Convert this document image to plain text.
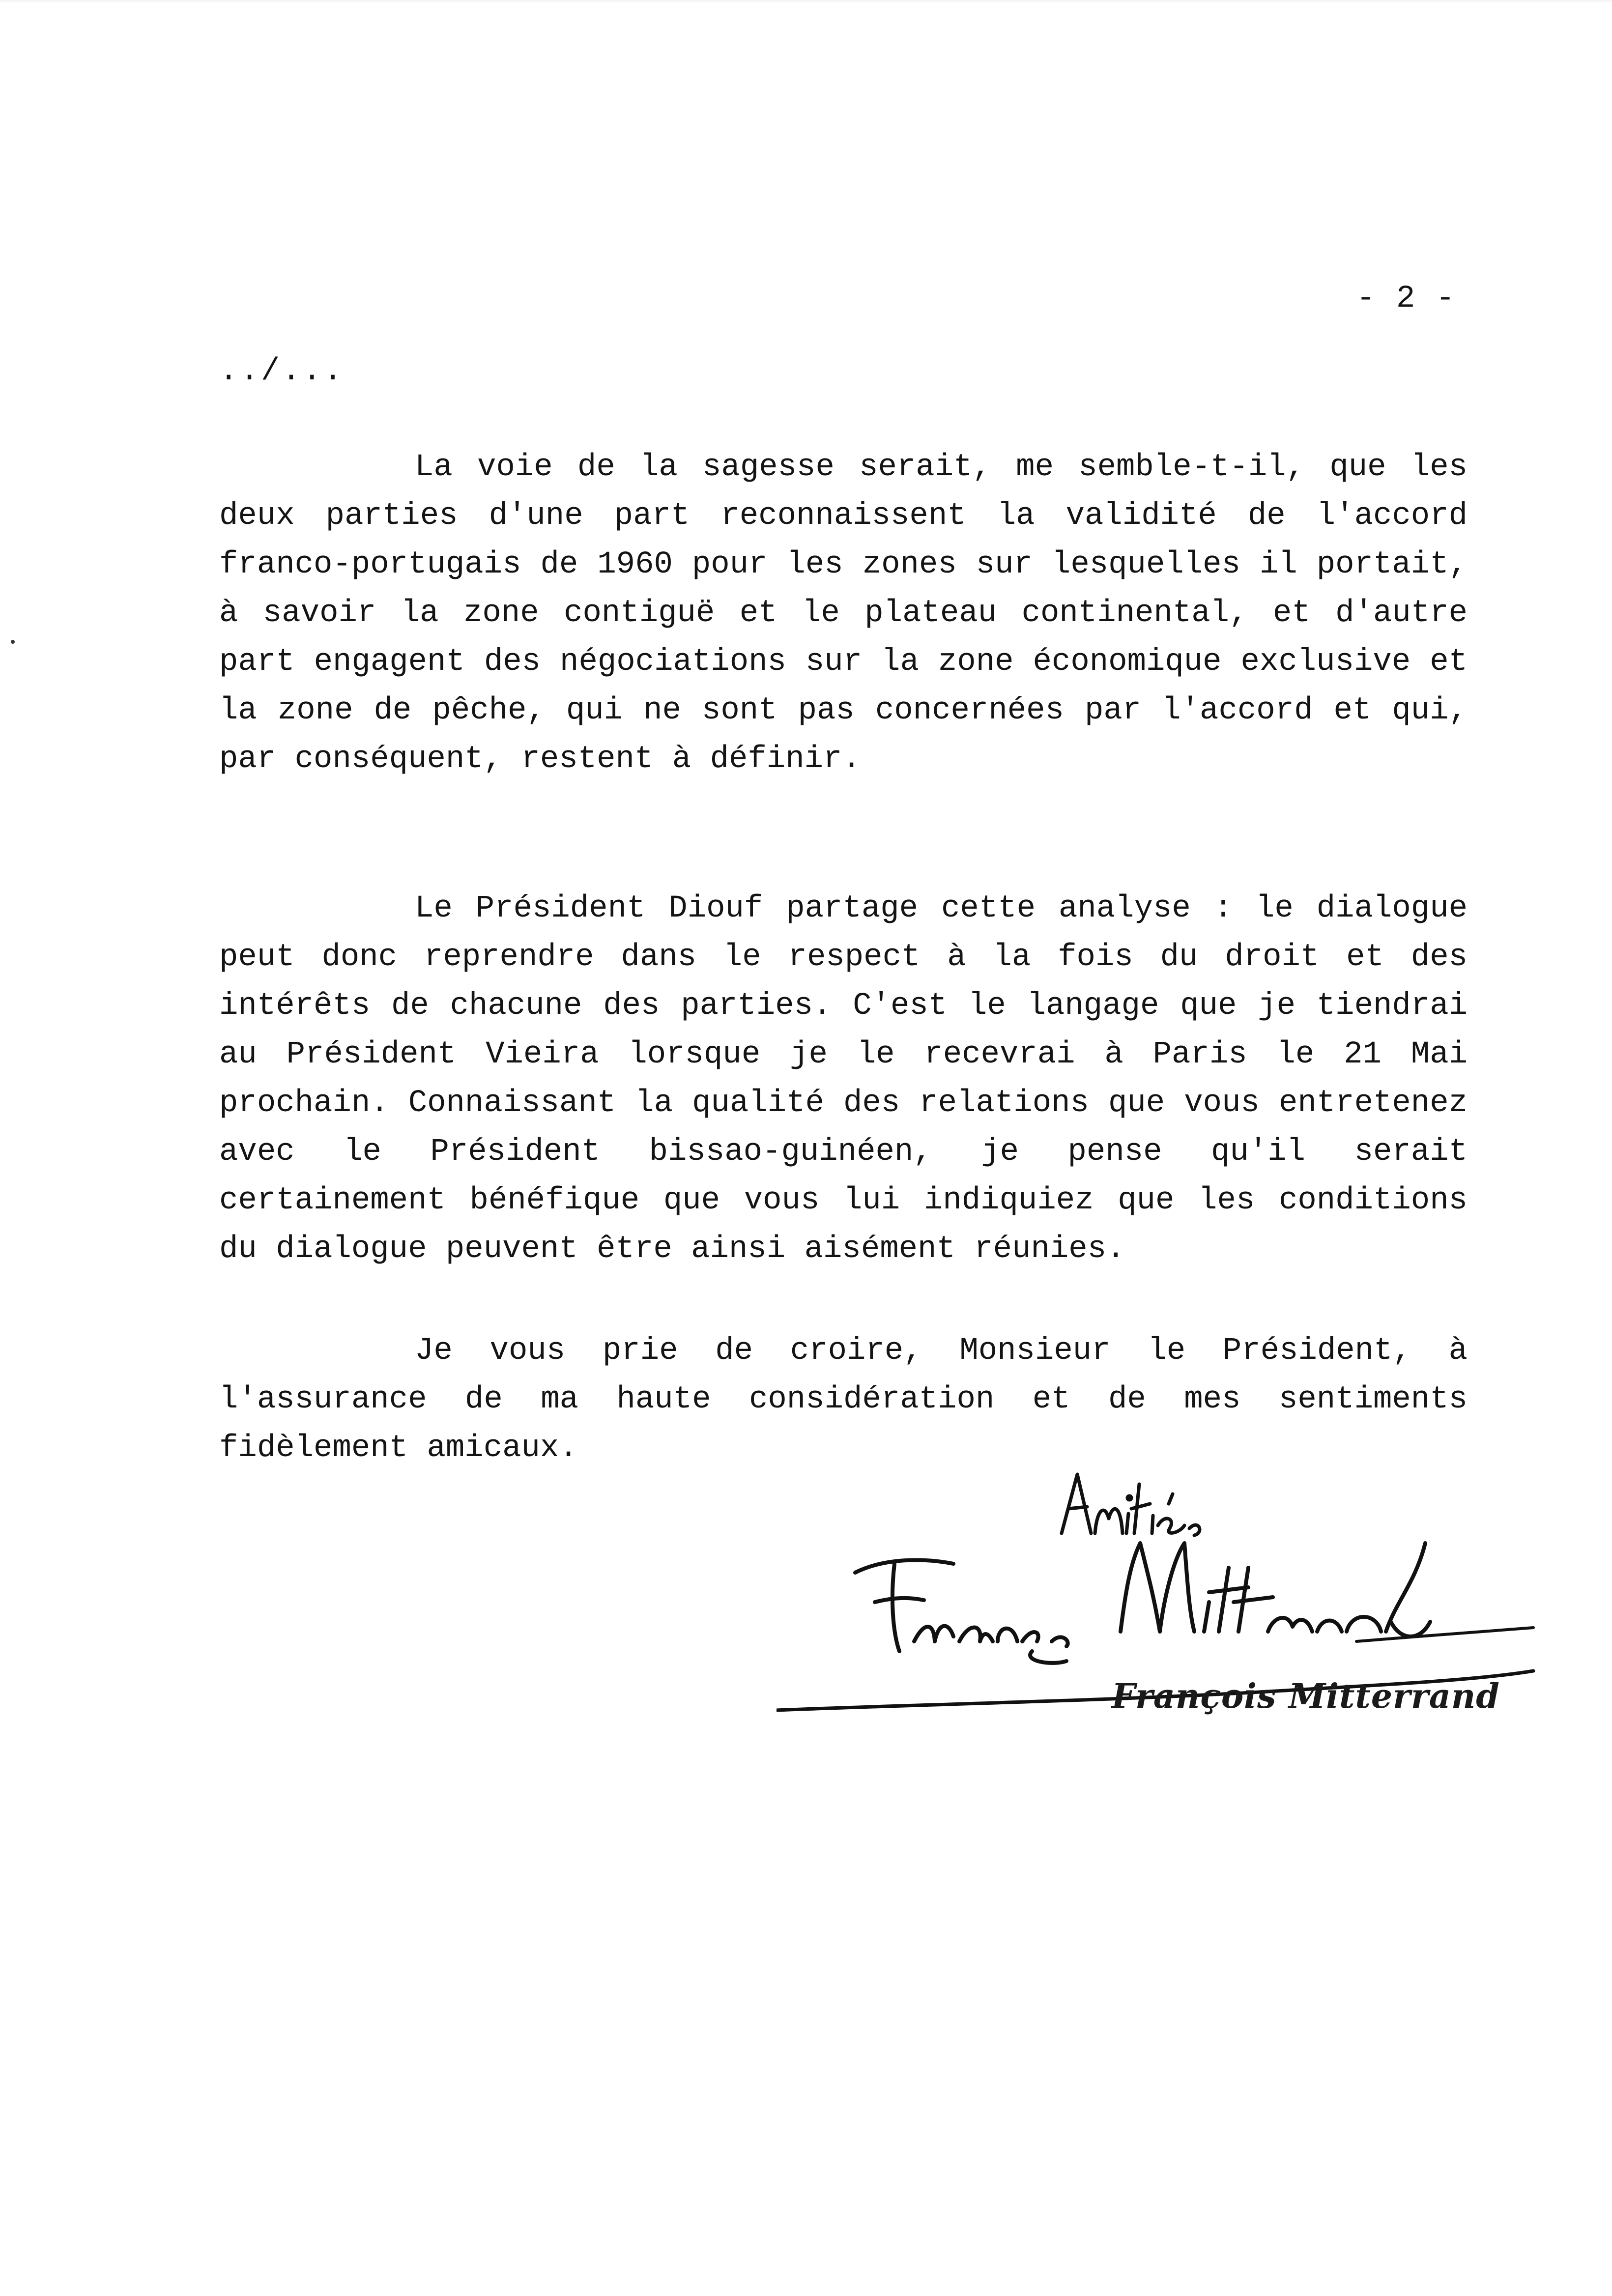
- 2 -
../...

La voie de la sagesse serait, me semble-t-il, que les deux parties d'une part reconnaissent la validité de l'accord franco-portugais de 1960 pour les zones sur lesquelles il portait, à savoir la zone contiguë et le plateau continental, et d'autre part engagent des négociations sur la zone économique exclusive et la zone de pêche, qui ne sont pas concernées par l'accord et qui, par conséquent, restent à définir.

Le Président Diouf partage cette analyse : le dialogue peut donc reprendre dans le respect à la fois du droit et des intérêts de chacune des parties. C'est le langage que je tiendrai au Président Vieira lorsque je le recevrai à Paris le 21 Mai prochain. Connaissant la qualité des relations que vous entretenez avec le Président bissao-guinéen, je pense qu'il serait certainement bénéfique que vous lui indiquiez que les conditions du dialogue peuvent être ainsi aisément réunies.

Je vous prie de croire, Monsieur le Président, à l'assurance de ma haute considération et de mes sentiments fidèlement amicaux.

François Mitterrand
